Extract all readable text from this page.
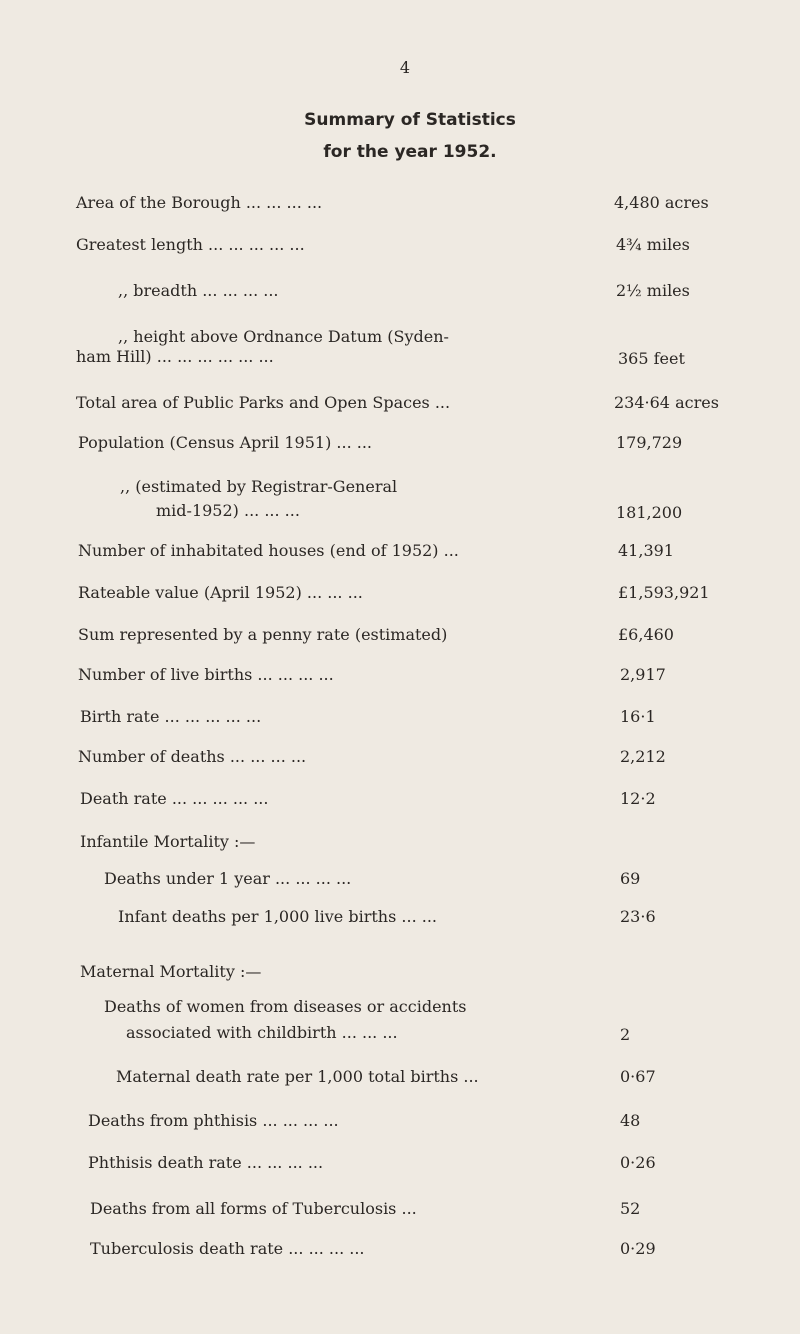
4
Summary of Statistics
for the year 1952.
Area of the Borough ... ... ... ...	4,480 acres
Greatest length ... ... ... ... ...	4¾ miles
,, breadth ... ... ... ...	2½ miles
,, height above Ordnance Datum (Syden-
ham Hill) ... ... ... ... ... ...	365 feet
Total area of Public Parks and Open Spaces ...	234·64 acres
Population (Census April 1951) ... ...	179,729
,, (estimated by Registrar-General
mid-1952) ... ... ...	181,200
Number of inhabitated houses (end of 1952) ...	41,391
Rateable value (April 1952) ... ... ...	£1,593,921
Sum represented by a penny rate (estimated)	£6,460
Number of live births ... ... ... ...	2,917
Birth rate ... ... ... ... ...	16·1
Number of deaths ... ... ... ...	2,212
Death rate ... ... ... ... ...	12·2
Infantile Mortality :—
Deaths under 1 year ... ... ... ...	69
Infant deaths per 1,000 live births ... ...	23·6
Maternal Mortality :—
Deaths of women from diseases or accidents
associated with childbirth ... ... ...	2
Maternal death rate per 1,000 total births ...	0·67
Deaths from phthisis ... ... ... ...	48
Phthisis death rate ... ... ... ...	0·26
Deaths from all forms of Tuberculosis ...	52
Tuberculosis death rate ... ... ... ...	0·29
